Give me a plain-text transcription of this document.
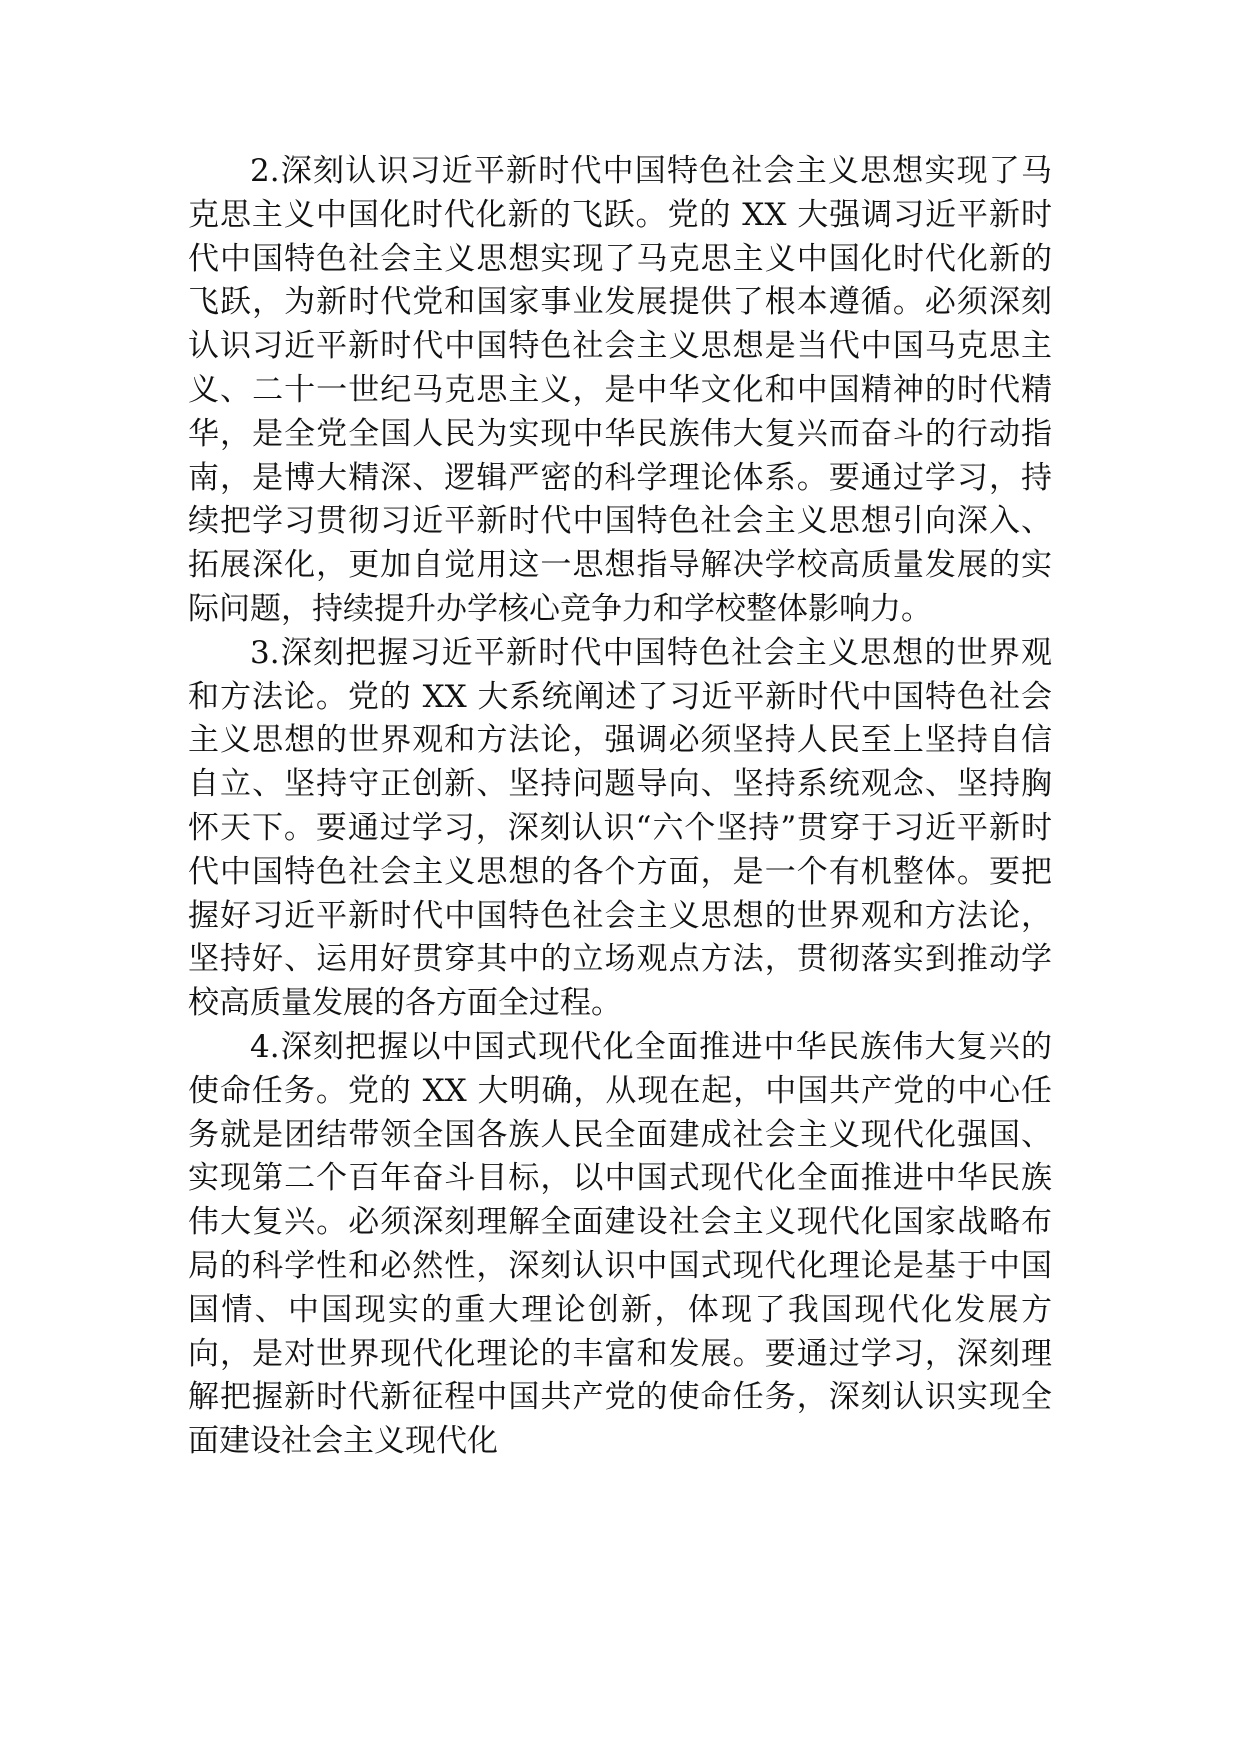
2.深刻认识习近平新时代中国特色社会主义思想实现了马克思主义中国化时代化新的飞跃。党的 XX 大强调习近平新时代中国特色社会主义思想实现了马克思主义中国化时代化新的飞跃，为新时代党和国家事业发展提供了根本遵循。必须深刻认识习近平新时代中国特色社会主义思想是当代中国马克思主义、二十一世纪马克思主义，是中华文化和中国精神的时代精华，是全党全国人民为实现中华民族伟大复兴而奋斗的行动指南，是博大精深、逻辑严密的科学理论体系。要通过学习，持续把学习贯彻习近平新时代中国特色社会主义思想引向深入、拓展深化，更加自觉用这一思想指导解决学校高质量发展的实际问题，持续提升办学核心竞争力和学校整体影响力。

3.深刻把握习近平新时代中国特色社会主义思想的世界观和方法论。党的 XX 大系统阐述了习近平新时代中国特色社会主义思想的世界观和方法论，强调必须坚持人民至上坚持自信自立、坚持守正创新、坚持问题导向、坚持系统观念、坚持胸怀天下。要通过学习，深刻认识“六个坚持”贯穿于习近平新时代中国特色社会主义思想的各个方面，是一个有机整体。要把握好习近平新时代中国特色社会主义思想的世界观和方法论，坚持好、运用好贯穿其中的立场观点方法，贯彻落实到推动学校高质量发展的各方面全过程。

4.深刻把握以中国式现代化全面推进中华民族伟大复兴的使命任务。党的 XX 大明确，从现在起，中国共产党的中心任务就是团结带领全国各族人民全面建成社会主义现代化强国、实现第二个百年奋斗目标，以中国式现代化全面推进中华民族伟大复兴。必须深刻理解全面建设社会主义现代化国家战略布局的科学性和必然性，深刻认识中国式现代化理论是基于中国国情、中国现实的重大理论创新，体现了我国现代化发展方向，是对世界现代化理论的丰富和发展。要通过学习，深刻理解把握新时代新征程中国共产党的使命任务，深刻认识实现全面建设社会主义现代化
